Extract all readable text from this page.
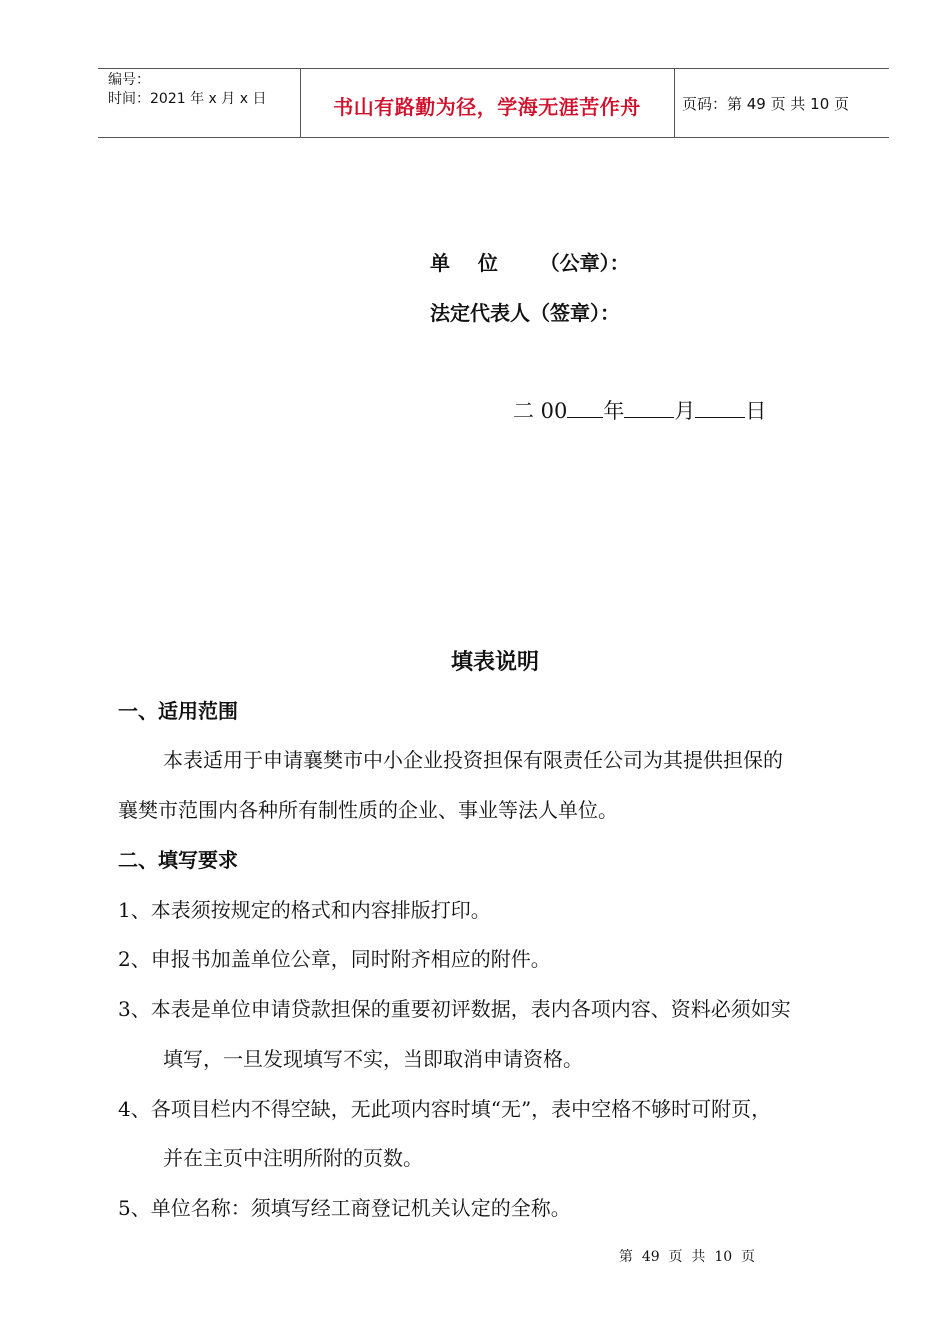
编号：
时间：2021 年 x 月 x 日	书山有路勤为径，学海无涯苦作舟	页码：第 49 页 共 10 页
单    位      （公章）：
法定代表人（签章）：
二 00 年 月 日
填表说明
一、适用范围
本表适用于申请襄樊市中小企业投资担保有限责任公司为其提供担保的
襄樊市范围内各种所有制性质的企业、事业等法人单位。
二、填写要求
1、本表须按规定的格式和内容排版打印。
2、申报书加盖单位公章，同时附齐相应的附件。
3、本表是单位申请贷款担保的重要初评数据，表内各项内容、资料必须如实
填写，一旦发现填写不实，当即取消申请资格。
4、各项目栏内不得空缺，无此项内容时填“无”，表中空格不够时可附页，
并在主页中注明所附的页数。
5、单位名称：须填写经工商登记机关认定的全称。
第  49  页  共  10  页
